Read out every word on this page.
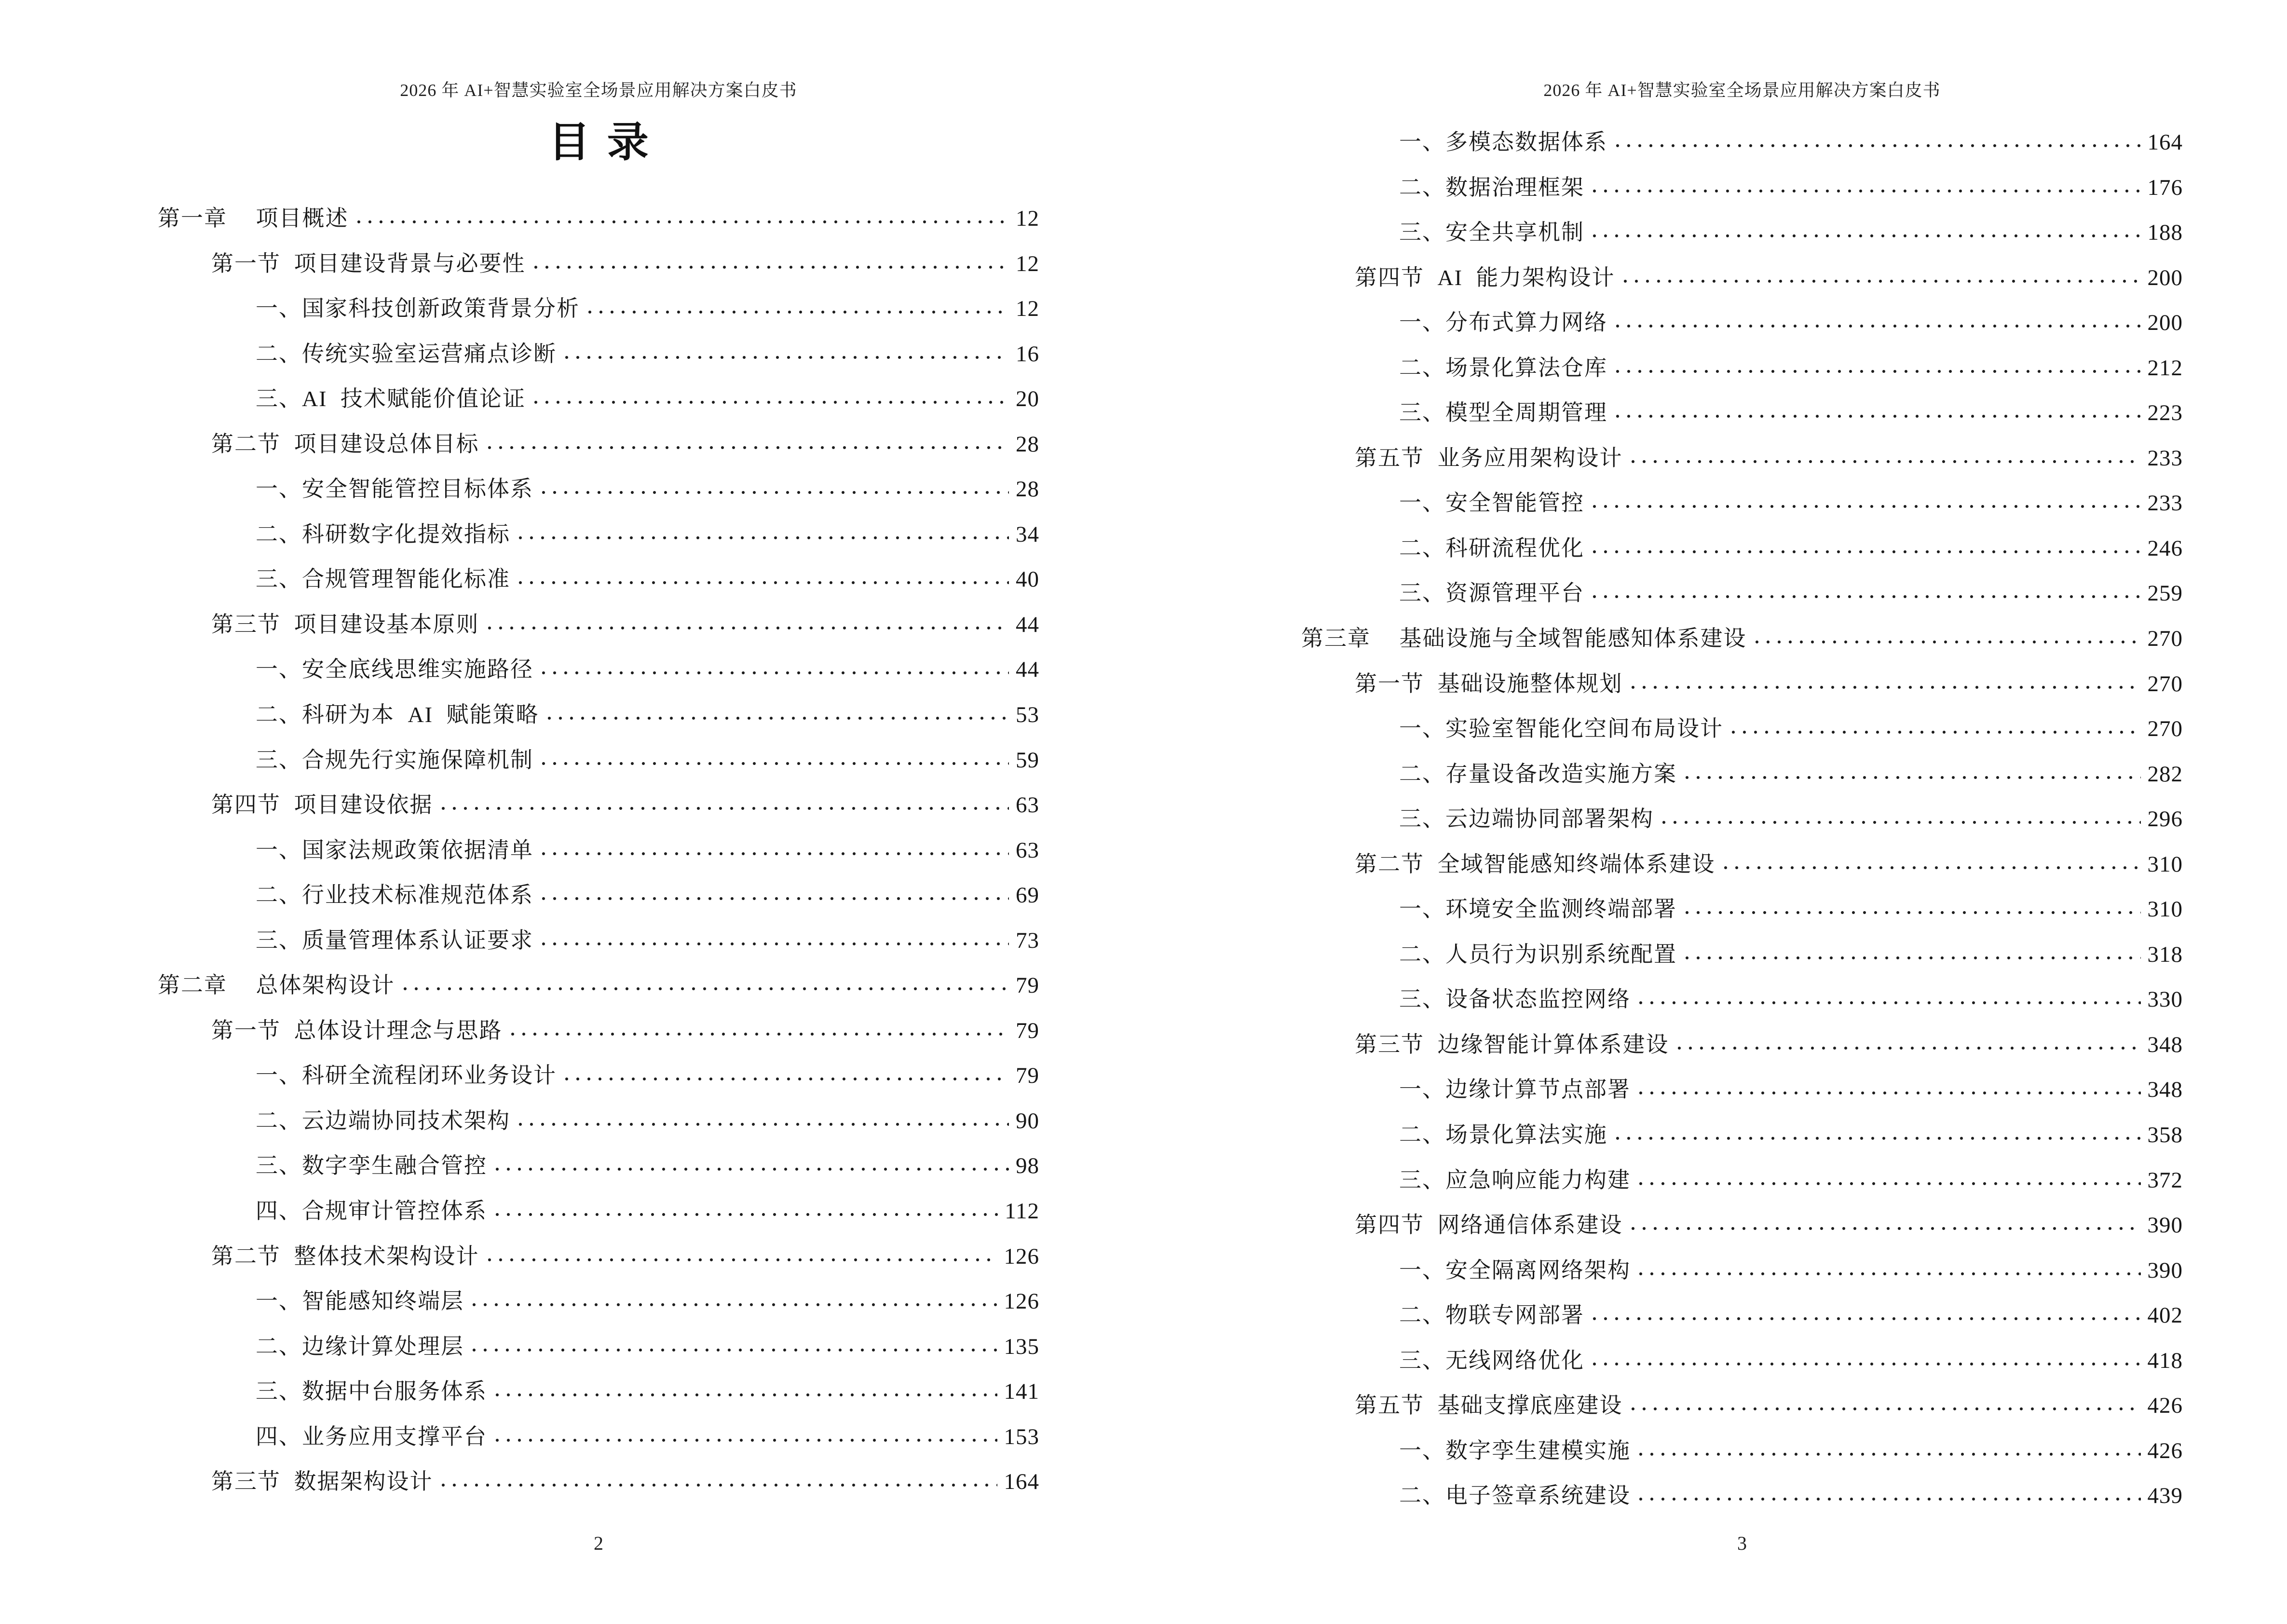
2026 年 AI+智慧实验室全场景应用解决方案白皮书
目 录
第一章 项目概述	12
第一节 项目建设背景与必要性	12
一、国家科技创新政策背景分析	12
二、传统实验室运营痛点诊断	16
三、AI 技术赋能价值论证	20
第二节 项目建设总体目标	28
一、安全智能管控目标体系	28
二、科研数字化提效指标	34
三、合规管理智能化标准	40
第三节 项目建设基本原则	44
一、安全底线思维实施路径	44
二、科研为本 AI 赋能策略	53
三、合规先行实施保障机制	59
第四节 项目建设依据	63
一、国家法规政策依据清单	63
二、行业技术标准规范体系	69
三、质量管理体系认证要求	73
第二章 总体架构设计	79
第一节 总体设计理念与思路	79
一、科研全流程闭环业务设计	79
二、云边端协同技术架构	90
三、数字孪生融合管控	98
四、合规审计管控体系	112
第二节 整体技术架构设计	126
一、智能感知终端层	126
二、边缘计算处理层	135
三、数据中台服务体系	141
四、业务应用支撑平台	153
第三节 数据架构设计	164
2
2026 年 AI+智慧实验室全场景应用解决方案白皮书
一、多模态数据体系	164
二、数据治理框架	176
三、安全共享机制	188
第四节 AI 能力架构设计	200
一、分布式算力网络	200
二、场景化算法仓库	212
三、模型全周期管理	223
第五节 业务应用架构设计	233
一、安全智能管控	233
二、科研流程优化	246
三、资源管理平台	259
第三章 基础设施与全域智能感知体系建设	270
第一节 基础设施整体规划	270
一、实验室智能化空间布局设计	270
二、存量设备改造实施方案	282
三、云边端协同部署架构	296
第二节 全域智能感知终端体系建设	310
一、环境安全监测终端部署	310
二、人员行为识别系统配置	318
三、设备状态监控网络	330
第三节 边缘智能计算体系建设	348
一、边缘计算节点部署	348
二、场景化算法实施	358
三、应急响应能力构建	372
第四节 网络通信体系建设	390
一、安全隔离网络架构	390
二、物联专网部署	402
三、无线网络优化	418
第五节 基础支撑底座建设	426
一、数字孪生建模实施	426
二、电子签章系统建设	439
3
